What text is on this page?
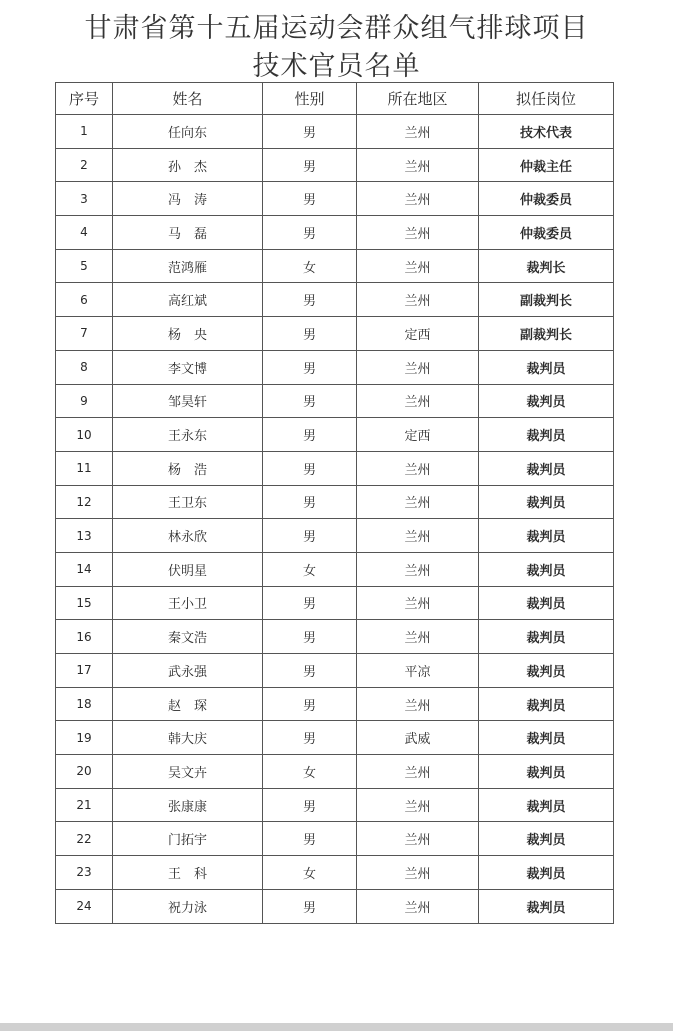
甘肃省第十五届运动会群众组气排球项目
技术官员名单
序号	姓名	性别	所在地区	拟任岗位
1	任向东	男	兰州	技术代表
2	孙　杰	男	兰州	仲裁主任
3	冯　涛	男	兰州	仲裁委员
4	马　磊	男	兰州	仲裁委员
5	范鸿雁	女	兰州	裁判长
6	高红斌	男	兰州	副裁判长
7	杨　央	男	定西	副裁判长
8	李文博	男	兰州	裁判员
9	邹昊轩	男	兰州	裁判员
10	王永东	男	定西	裁判员
11	杨　浩	男	兰州	裁判员
12	王卫东	男	兰州	裁判员
13	林永欣	男	兰州	裁判员
14	伏明星	女	兰州	裁判员
15	王小卫	男	兰州	裁判员
16	秦文浩	男	兰州	裁判员
17	武永强	男	平凉	裁判员
18	赵　琛	男	兰州	裁判员
19	韩大庆	男	武威	裁判员
20	吴文卉	女	兰州	裁判员
21	张康康	男	兰州	裁判员
22	门拓宇	男	兰州	裁判员
23	王　科	女	兰州	裁判员
24	祝力泳	男	兰州	裁判员
